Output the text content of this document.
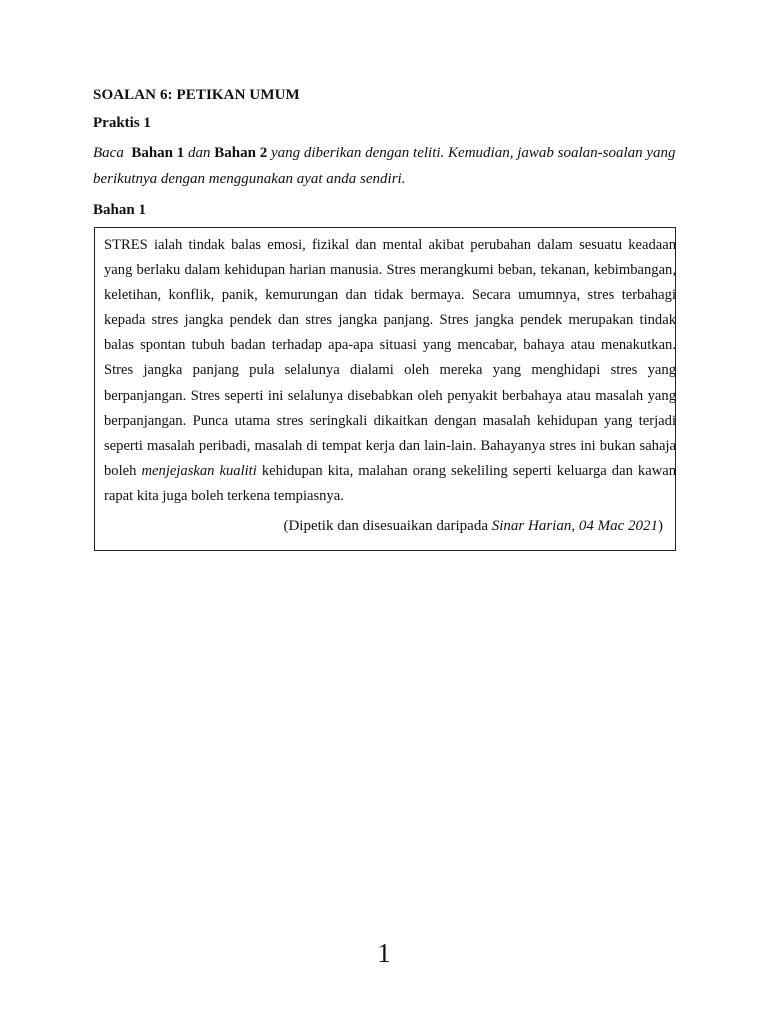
SOALAN 6: PETIKAN UMUM
Praktis 1
Baca Bahan 1 dan Bahan 2 yang diberikan dengan teliti. Kemudian, jawab soalan-soalan yang berikutnya dengan menggunakan ayat anda sendiri.
Bahan 1

STRES ialah tindak balas emosi, fizikal dan mental akibat perubahan dalam sesuatu keadaan yang berlaku dalam kehidupan harian manusia. Stres merangkumi beban, tekanan, kebimbangan, keletihan, konflik, panik, kemurungan dan tidak bermaya. Secara umumnya, stres terbahagi kepada stres jangka pendek dan stres jangka panjang. Stres jangka pendek merupakan tindak balas spontan tubuh badan terhadap apa-apa situasi yang mencabar, bahaya atau menakutkan. Stres jangka panjang pula selalunya dialami oleh mereka yang menghidapi stres yang berpanjangan. Stres seperti ini selalunya disebabkan oleh penyakit berbahaya atau masalah yang berpanjangan. Punca utama stres seringkali dikaitkan dengan masalah kehidupan yang terjadi seperti masalah peribadi, masalah di tempat kerja dan lain-lain. Bahayanya stres ini bukan sahaja boleh menjejaskan kualiti kehidupan kita, malahan orang sekeliling seperti keluarga dan kawan rapat kita juga boleh terkena tempiasnya.

(Dipetik dan disesuaikan daripada Sinar Harian, 04 Mac 2021)
1
